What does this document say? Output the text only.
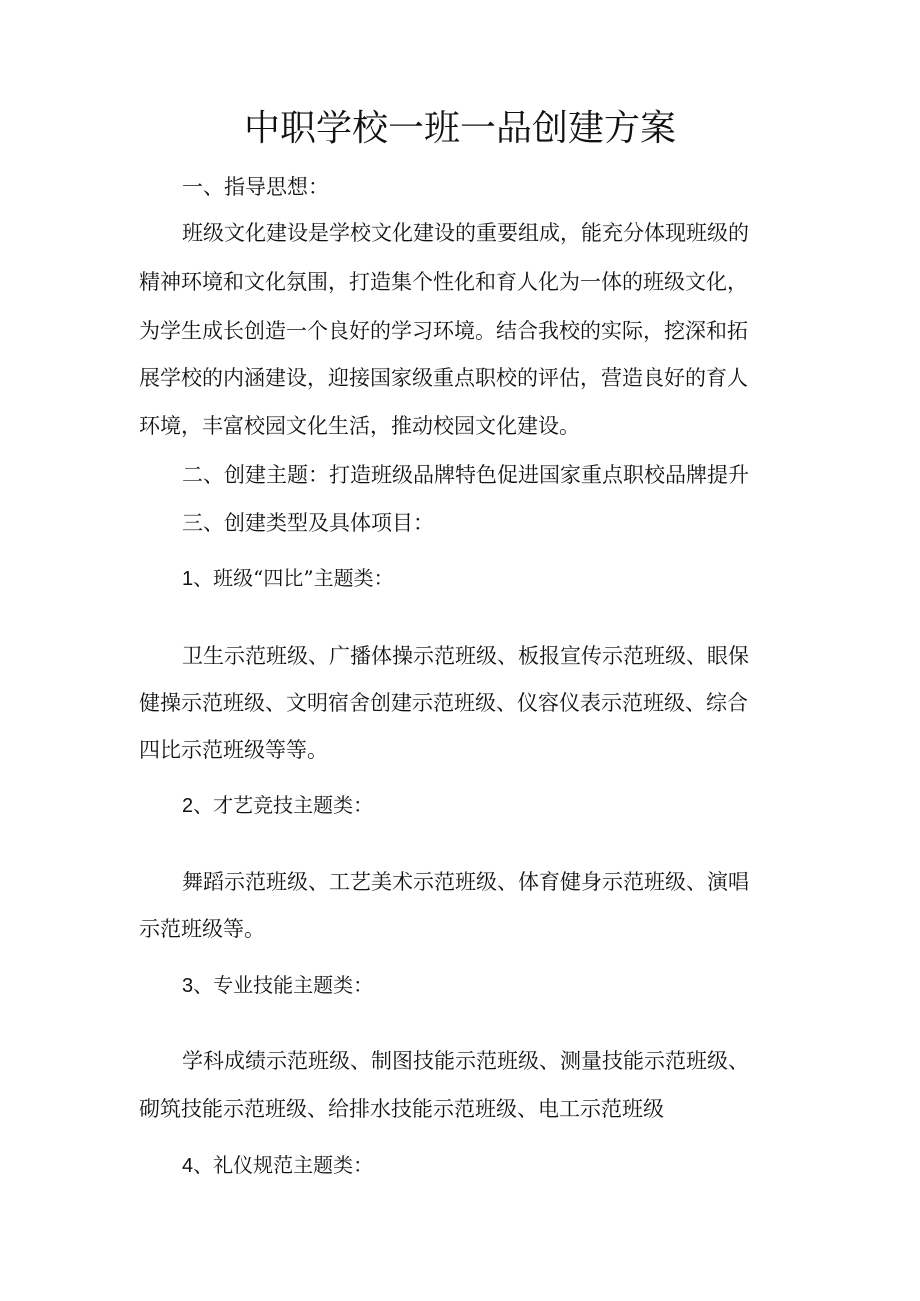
中职学校一班一品创建方案
一、指导思想：
班级文化建设是学校文化建设的重要组成，能充分体现班级的
精神环境和文化氛围，打造集个性化和育人化为一体的班级文化，
为学生成长创造一个良好的学习环境。结合我校的实际，挖深和拓
展学校的内涵建设，迎接国家级重点职校的评估，营造良好的育人
环境，丰富校园文化生活，推动校园文化建设。
二、创建主题：打造班级品牌特色促进国家重点职校品牌提升
三、创建类型及具体项目：
1、班级“四比”主题类：
卫生示范班级、广播体操示范班级、板报宣传示范班级、眼保
健操示范班级、文明宿舍创建示范班级、仪容仪表示范班级、综合
四比示范班级等等。
2、才艺竞技主题类：
舞蹈示范班级、工艺美术示范班级、体育健身示范班级、演唱
示范班级等。
3、专业技能主题类：
学科成绩示范班级、制图技能示范班级、测量技能示范班级、
砌筑技能示范班级、给排水技能示范班级、电工示范班级
4、礼仪规范主题类：
